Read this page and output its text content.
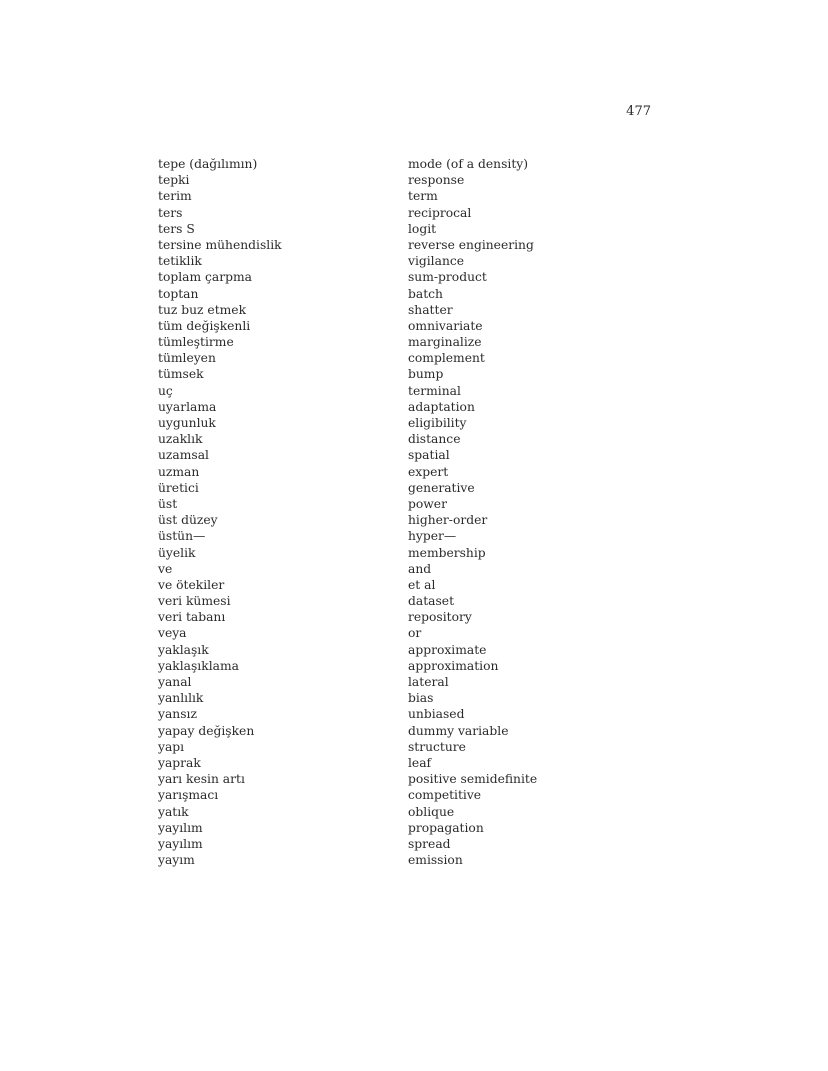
477
tepe (dağılımın)	mode (of a density)
tepki	response
terim	term
ters	reciprocal
ters S	logit
tersine mühendislik	reverse engineering
tetiklik	vigilance
toplam çarpma	sum-product
toptan	batch
tuz buz etmek	shatter
tüm değişkenli	omnivariate
tümleştirme	marginalize
tümleyen	complement
tümsek	bump
uç	terminal
uyarlama	adaptation
uygunluk	eligibility
uzaklık	distance
uzamsal	spatial
uzman	expert
üretici	generative
üst	power
üst düzey	higher-order
üstün—	hyper—
üyelik	membership
ve	and
ve ötekiler	et al
veri kümesi	dataset
veri tabanı	repository
veya	or
yaklaşık	approximate
yaklaşıklama	approximation
yanal	lateral
yanlılık	bias
yansız	unbiased
yapay değişken	dummy variable
yapı	structure
yaprak	leaf
yarı kesin artı	positive semidefinite
yarışmacı	competitive
yatık	oblique
yayılım	propagation
yayılım	spread
yayım	emission
